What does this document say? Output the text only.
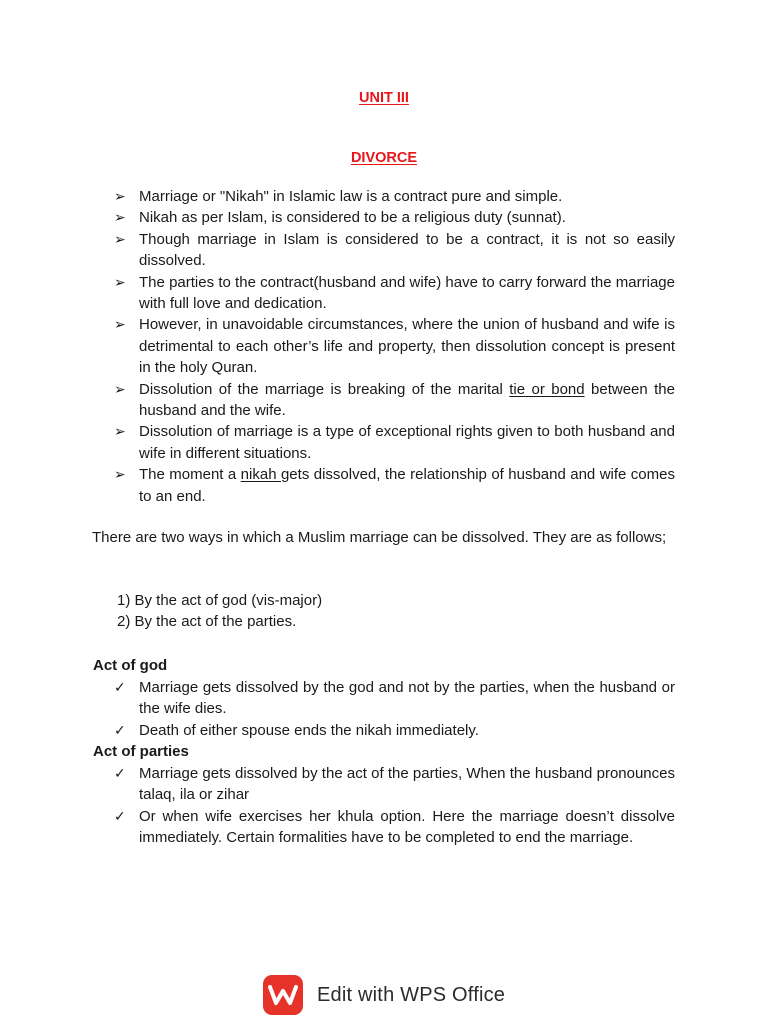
UNIT III
DIVORCE
➢ Marriage or "Nikah" in Islamic law is a contract pure and simple.
➢ Nikah as per Islam, is considered to be a religious duty (sunnat).
➢ Though marriage in Islam is considered to be a contract, it is not so easily dissolved.
➢ The parties to the contract(husband and wife) have to carry forward the marriage with full love and dedication.
➢ However, in unavoidable circumstances, where the union of husband and wife is detrimental to each other’s life and property, then dissolution concept is present in the holy Quran.
➢ Dissolution of the marriage is breaking of the marital tie or bond between the husband and the wife.
➢ Dissolution of marriage is a type of exceptional rights given to both husband and wife in different situations.
➢ The moment a nikah gets dissolved, the relationship of husband and wife comes to an end.

There are two ways in which a Muslim marriage can be dissolved. They are as follows;

1) By the act of god (vis-major)
2) By the act of the parties.
Act of god
✓ Marriage gets dissolved by the god and not by the parties, when the husband or the wife dies.
✓ Death of either spouse ends the nikah immediately.
Act of parties
✓ Marriage gets dissolved by the act of the parties, When the husband pronounces talaq, ila or zihar
✓ Or when wife exercises her khula option. Here the marriage doesn’t dissolve immediately. Certain formalities have to be completed to end the marriage.
Edit with WPS Office
